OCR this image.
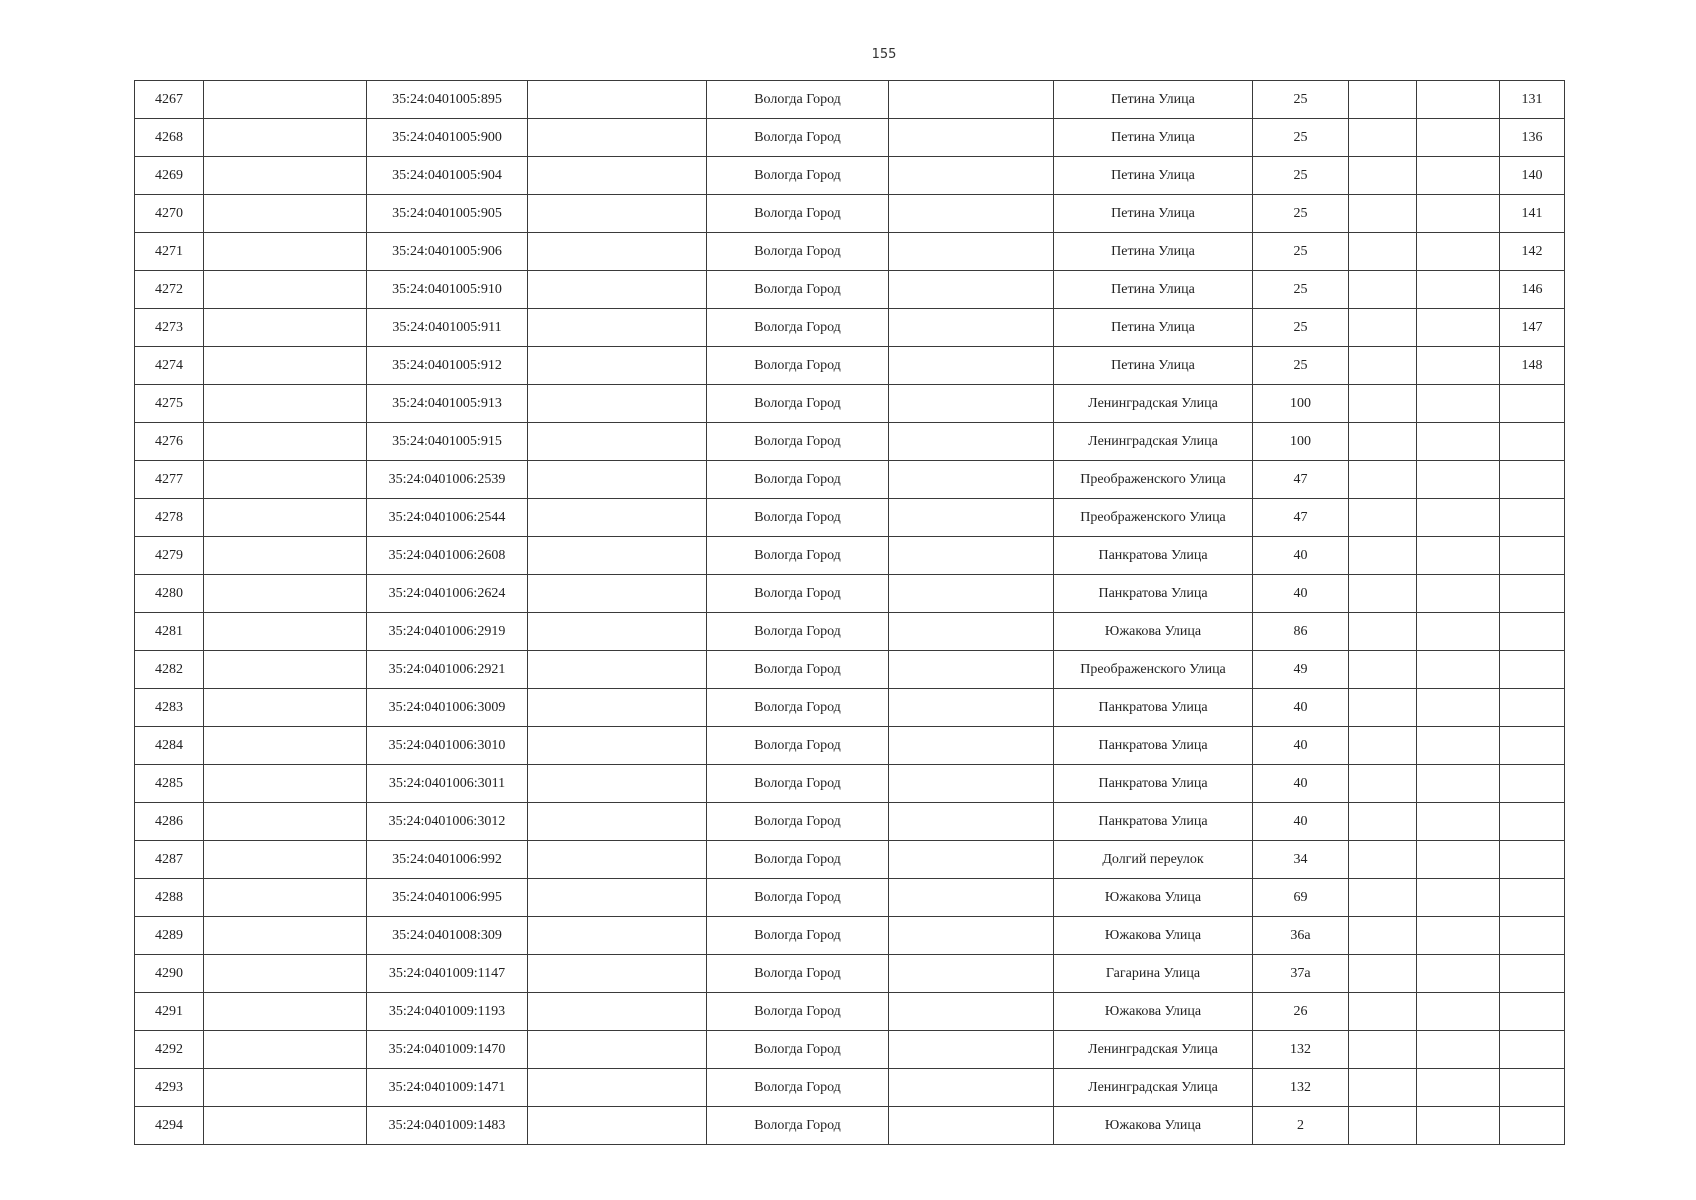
155
4267		35:24:0401005:895		Вологда Город		Петина Улица	25			131
4268		35:24:0401005:900		Вологда Город		Петина Улица	25			136
4269		35:24:0401005:904		Вологда Город		Петина Улица	25			140
4270		35:24:0401005:905		Вологда Город		Петина Улица	25			141
4271		35:24:0401005:906		Вологда Город		Петина Улица	25			142
4272		35:24:0401005:910		Вологда Город		Петина Улица	25			146
4273		35:24:0401005:911		Вологда Город		Петина Улица	25			147
4274		35:24:0401005:912		Вологда Город		Петина Улица	25			148
4275		35:24:0401005:913		Вологда Город		Ленинградская Улица	100			
4276		35:24:0401005:915		Вологда Город		Ленинградская Улица	100			
4277		35:24:0401006:2539		Вологда Город		Преображенского Улица	47			
4278		35:24:0401006:2544		Вологда Город		Преображенского Улица	47			
4279		35:24:0401006:2608		Вологда Город		Панкратова Улица	40			
4280		35:24:0401006:2624		Вологда Город		Панкратова Улица	40			
4281		35:24:0401006:2919		Вологда Город		Южакова Улица	86			
4282		35:24:0401006:2921		Вологда Город		Преображенского Улица	49			
4283		35:24:0401006:3009		Вологда Город		Панкратова Улица	40			
4284		35:24:0401006:3010		Вологда Город		Панкратова Улица	40			
4285		35:24:0401006:3011		Вологда Город		Панкратова Улица	40			
4286		35:24:0401006:3012		Вологда Город		Панкратова Улица	40			
4287		35:24:0401006:992		Вологда Город		Долгий переулок	34			
4288		35:24:0401006:995		Вологда Город		Южакова Улица	69			
4289		35:24:0401008:309		Вологда Город		Южакова Улица	36а			
4290		35:24:0401009:1147		Вологда Город		Гагарина Улица	37а			
4291		35:24:0401009:1193		Вологда Город		Южакова Улица	26			
4292		35:24:0401009:1470		Вологда Город		Ленинградская Улица	132			
4293		35:24:0401009:1471		Вологда Город		Ленинградская Улица	132			
4294		35:24:0401009:1483		Вологда Город		Южакова Улица	2			
